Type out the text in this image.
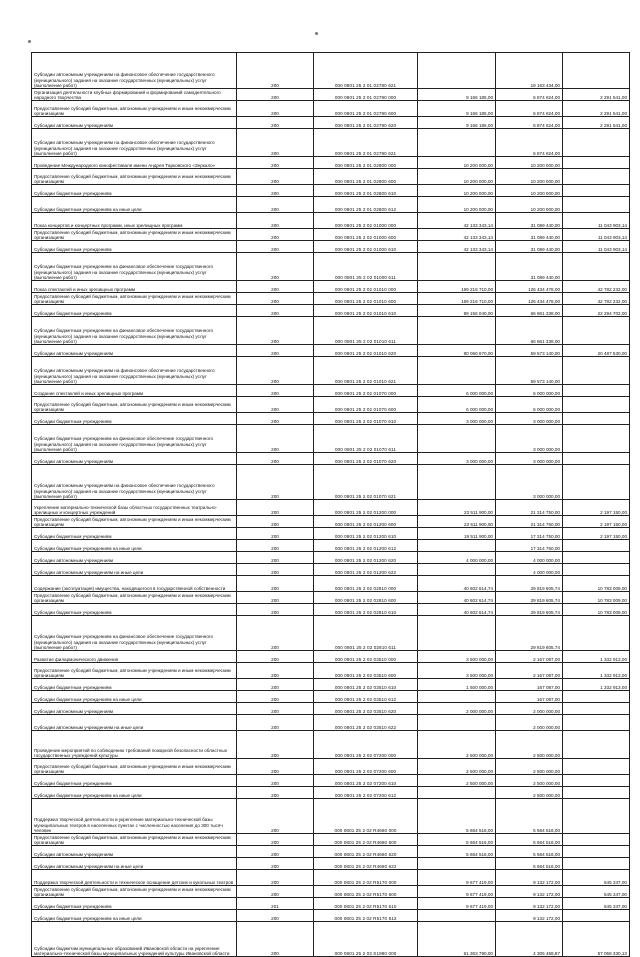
Субсидии автономным учреждениям на финансовое обеспечение государственного (муниципального) задания на оказание государственных (муниципальных) услуг (выполнение работ)	200	000 0801 25 2 01 02780 621		19 163 434,00	
Организация деятельности клубных формирований и формирований самодеятельного народного творчества	200	000 0801 25 2 01 02790 000	9 166 185,00	6 874 624,00	2 291 541,00
Предоставление субсидий бюджетным, автономным учреждениям и иным некоммерческим организациям	200	000 0801 25 2 01 02790 600	9 166 185,00	6 874 624,00	2 291 541,00
Субсидии автономным учреждениям	200	000 0801 25 2 01 02790 620	9 166 185,00	6 874 624,00	2 291 541,00
Субсидии автономным учреждениям на финансовое обеспечение государственного (муниципального) задания на оказание государственных (муниципальных) услуг (выполнение работ)	200	000 0801 25 2 01 02790 621		6 874 624,00	
Проведение Международного кинофестиваля имени Андрея Тарковского «Зеркало»	200	000 0801 25 2 01 02800 000	10 200 000,00	10 200 000,00	
Предоставление субсидий бюджетным, автономным учреждениям и иным некоммерческим организациям	200	000 0801 25 2 01 02800 600	10 200 000,00	10 200 000,00	
Субсидии бюджетным учреждениям	200	000 0801 25 2 01 02800 610	10 200 000,00	10 200 000,00	
Субсидии бюджетным учреждениям на иные цели	200	000 0801 25 2 01 02800 612	10 200 000,00	10 200 000,00	
Показ концертов и концертных программ, иных зрелищных программ	200	000 0801 25 2 02 01000 000	42 133 343,14	31 089 440,00	11 043 903,14
Предоставление субсидий бюджетным, автономным учреждениям и иным некоммерческим организациям	200	000 0801 25 2 02 01000 600	42 133 343,14	31 089 440,00	11 043 903,14
Субсидии бюджетным учреждениям	200	000 0801 25 2 02 01000 610	42 133 343,14	31 089 440,00	11 043 903,14
Субсидии бюджетным учреждениям на финансовое обеспечение государственного (муниципального) задания на оказание государственных (муниципальных) услуг (выполнение работ)	200	000 0801 25 2 02 01000 611		31 089 440,00	
Показ спектаклей и иных зрелищных программ	200	000 0801 25 2 02 01010 000	169 216 710,00	126 434 478,00	42 782 232,00
Предоставление субсидий бюджетным, автономным учреждениям и иным некоммерческим организациям	200	000 0801 25 2 02 01010 600	169 216 710,00	126 434 478,00	42 782 232,00
Субсидии бюджетным учреждениям	200	000 0801 25 2 02 01010 610	89 156 040,00	66 861 338,00	22 294 702,00
Субсидии бюджетным учреждениям на финансовое обеспечение государственного (муниципального) задания на оказание государственных (муниципальных) услуг (выполнение работ)	200	000 0801 25 2 02 01010 611		66 861 338,00	
Субсидии автономным учреждениям	200	000 0801 25 2 02 01010 620	80 060 670,00	59 573 140,00	20 487 530,00
Субсидии автономным учреждениям на финансовое обеспечение государственного (муниципального) задания на оказание государственных (муниципальных) услуг (выполнение работ)	200	000 0801 25 2 02 01010 621		59 573 140,00	
Создание спектаклей и иных зрелищных программ	200	000 0801 25 2 02 01070 000	6 000 000,00	6 000 000,00	
Предоставление субсидий бюджетным, автономным учреждениям и иным некоммерческим организациям	200	000 0801 25 2 02 01070 600	6 000 000,00	6 000 000,00	
Субсидии бюджетным учреждениям	200	000 0801 25 2 02 01070 610	3 000 000,00	3 000 000,00	
Субсидии бюджетным учреждениям на финансовое обеспечение государственного (муниципального) задания на оказание государственных (муниципальных) услуг (выполнение работ)	200	000 0801 25 2 02 01070 611		3 000 000,00	
Субсидии автономным учреждениям	200	000 0801 25 2 02 01070 620	3 000 000,00	3 000 000,00	
Субсидии автономным учреждениям на финансовое обеспечение государственного (муниципального) задания на оказание государственных (муниципальных) услуг (выполнение работ)	200	000 0801 25 2 02 01070 621		3 000 000,00	
Укрепление материально-технической базы областных государственных театрально-зрелищных и концертных учреждений	200	000 0801 25 2 02 01200 000	23 511 900,00	21 314 750,00	2 197 150,00
Предоставление субсидий бюджетным, автономным учреждениям и иным некоммерческим организациям	200	000 0801 25 2 02 01200 600	23 511 900,00	21 314 750,00	2 197 150,00
Субсидии бюджетным учреждениям	200	000 0801 25 2 02 01200 610	19 511 900,00	17 314 750,00	2 197 150,00
Субсидии бюджетным учреждениям на иные цели	200	000 0801 25 2 02 01200 612		17 314 750,00	
Субсидии автономным учреждениям	200	000 0801 25 2 02 01200 620	4 000 000,00	4 000 000,00	
Субсидии автономным учреждениям на иные цели	200	000 0801 25 2 02 01200 622		4 000 000,00	
Содержание (эксплуатация) имущества, находящегося в государственной собственности	200	000 0801 25 2 02 02810 000	40 602 614,74	29 819 605,74	10 783 009,00
Предоставление субсидий бюджетным, автономным учреждениям и иным некоммерческим организациям	200	000 0801 25 2 02 02810 600	40 602 614,74	29 819 605,74	10 783 009,00
Субсидии бюджетным учреждениям	200	000 0801 25 2 02 02810 610	40 602 614,74	29 819 605,74	10 783 009,00
Субсидии бюджетным учреждениям на финансовое обеспечение государственного (муниципального) задания на оказание государственных (муниципальных) услуг (выполнение работ)	200	000 0801 25 2 02 02810 611		29 819 605,74	
Развитие филармонического движения	200	000 0801 25 2 02 03510 000	3 500 000,00	2 167 087,00	1 332 913,00
Предоставление субсидий бюджетным, автономным учреждениям и иным некоммерческим организациям	200	000 0801 25 2 02 03510 600	3 500 000,00	2 167 087,00	1 332 913,00
Субсидии бюджетным учреждениям	200	000 0801 25 2 02 03510 610	1 500 000,00	167 087,00	1 332 913,00
Субсидии бюджетным учреждениям на иные цели	200	000 0801 25 2 02 03510 612		167 087,00	
Субсидии автономным учреждениям	200	000 0801 25 2 02 03510 620	2 000 000,00	2 000 000,00	
Субсидии автономным учреждениям на иные цели	200	000 0801 25 2 02 03510 622		2 000 000,00	
Проведение мероприятий по соблюдению требований пожарной безопасности областных государственных учреждений культуры	200	000 0801 25 2 02 07200 000	2 500 000,00	2 500 000,00	
Предоставление субсидий бюджетным, автономным учреждениям и иным некоммерческим организациям	200	000 0801 25 2 02 07200 600	2 500 000,00	2 500 000,00	
Субсидии бюджетным учреждениям	200	000 0801 25 2 02 07200 610	2 500 000,00	2 500 000,00	
Субсидии бюджетным учреждениям на иные цели	200	000 0801 25 2 02 07200 612		2 500 000,00	
Поддержка творческой деятельности и укрепление материально-технической базы муниципальных театров в населенных пунктах с численностью населения до 300 тысяч человек	200	000 0801 25 2 02 R4660 000	5 664 516,00	5 664 516,00	
Предоставление субсидий бюджетным, автономным учреждениям и иным некоммерческим организациям	200	000 0801 25 2 02 R4660 600	5 664 516,00	5 664 516,00	
Субсидии автономным учреждениям	200	000 0801 25 2 02 R4660 620	5 664 516,00	5 664 516,00	
Субсидии автономным учреждениям на иные цели	200	000 0801 25 2 02 R4660 622		5 664 516,00	
Поддержка творческой деятельности и техническое оснащение детских и кукольных театров	200	000 0801 25 2 02 R5170 000	9 677 419,00	9 132 172,00	545 247,00
Предоставление субсидий бюджетным, автономным учреждениям и иным некоммерческим организациям	200	000 0801 25 2 02 R5170 600	9 677 419,00	9 132 172,00	545 247,00
Субсидии бюджетным учреждениям	201	000 0801 25 2 02 R5170 610	9 677 419,00	9 132 172,00	545 247,00
Субсидии бюджетным учреждениям на иные цели	200	000 0801 25 2 02 R5170 612		9 132 172,00	
Субсидии бюджетам муниципальных образований Ивановской области на укрепление материально-технической базы муниципальных учреждений культуры Ивановской области	200	000 0801 25 2 03 S1980 000	61 363 790,00	4 305 459,87	57 058 330,13
